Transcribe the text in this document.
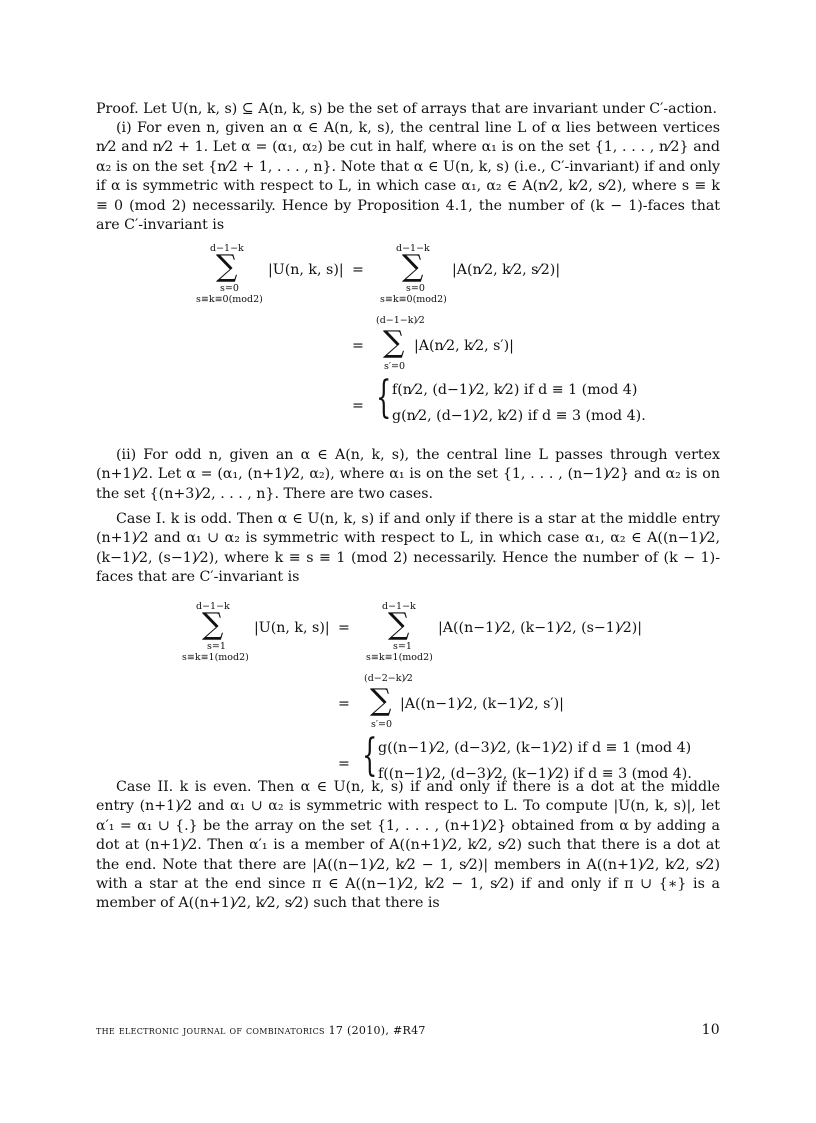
Proof. Let U(n, k, s) ⊆ A(n, k, s) be the set of arrays that are invariant under C′-action.

(i) For even n, given an α ∈ A(n, k, s), the central line L of α lies between vertices n⁄2 and n⁄2 + 1. Let α = (α₁, α₂) be cut in half, where α₁ is on the set {1, . . . , n⁄2} and α₂ is on the set {n⁄2 + 1, . . . , n}. Note that α ∈ U(n, k, s) (i.e., C′-invariant) if and only if α is symmetric with respect to L, in which case α₁, α₂ ∈ A(n⁄2, k⁄2, s⁄2), where s ≡ k ≡ 0 (mod 2) necessarily. Hence by Proposition 4.1, the number of (k − 1)-faces that are C′-invariant is

d−1−k
∑
s=0
s≡k≡0(mod2)
|U(n, k, s)| =
d−1−k
∑
s=0
s≡k≡0(mod2)
|A(n⁄2, k⁄2, s⁄2)|
=
(d−1−k)⁄2
∑
s′=0
|A(n⁄2, k⁄2, s′)|
= { f(n⁄2, (d−1)⁄2, k⁄2) if d ≡ 1 (mod 4)
g(n⁄2, (d−1)⁄2, k⁄2) if d ≡ 3 (mod 4).

(ii) For odd n, given an α ∈ A(n, k, s), the central line L passes through vertex (n+1)⁄2. Let α = (α₁, (n+1)⁄2, α₂), where α₁ is on the set {1, . . . , (n−1)⁄2} and α₂ is on the set {(n+3)⁄2, . . . , n}. There are two cases.

Case I. k is odd. Then α ∈ U(n, k, s) if and only if there is a star at the middle entry (n+1)⁄2 and α₁ ∪ α₂ is symmetric with respect to L, in which case α₁, α₂ ∈ A((n−1)⁄2, (k−1)⁄2, (s−1)⁄2), where k ≡ s ≡ 1 (mod 2) necessarily. Hence the number of (k − 1)-faces that are C′-invariant is

d−1−k
∑
s=1
s≡k≡1(mod2)
|U(n, k, s)| =
d−1−k
∑
s=1
s≡k≡1(mod2)
|A((n−1)⁄2, (k−1)⁄2, (s−1)⁄2)|
=
(d−2−k)⁄2
∑
s′=0
|A((n−1)⁄2, (k−1)⁄2, s′)|
= { g((n−1)⁄2, (d−3)⁄2, (k−1)⁄2) if d ≡ 1 (mod 4)
f((n−1)⁄2, (d−3)⁄2, (k−1)⁄2) if d ≡ 3 (mod 4).

Case II. k is even. Then α ∈ U(n, k, s) if and only if there is a dot at the middle entry (n+1)⁄2 and α₁ ∪ α₂ is symmetric with respect to L. To compute |U(n, k, s)|, let α′₁ = α₁ ∪ {.} be the array on the set {1, . . . , (n+1)⁄2} obtained from α by adding a dot at (n+1)⁄2. Then α′₁ is a member of A((n+1)⁄2, k⁄2, s⁄2) such that there is a dot at the end. Note that there are |A((n−1)⁄2, k⁄2 − 1, s⁄2)| members in A((n+1)⁄2, k⁄2, s⁄2) with a star at the end since π ∈ A((n−1)⁄2, k⁄2 − 1, s⁄2) if and only if π ∪ {∗} is a member of A((n+1)⁄2, k⁄2, s⁄2) such that there is

the electronic journal of combinatorics 17 (2010), #R47	10
